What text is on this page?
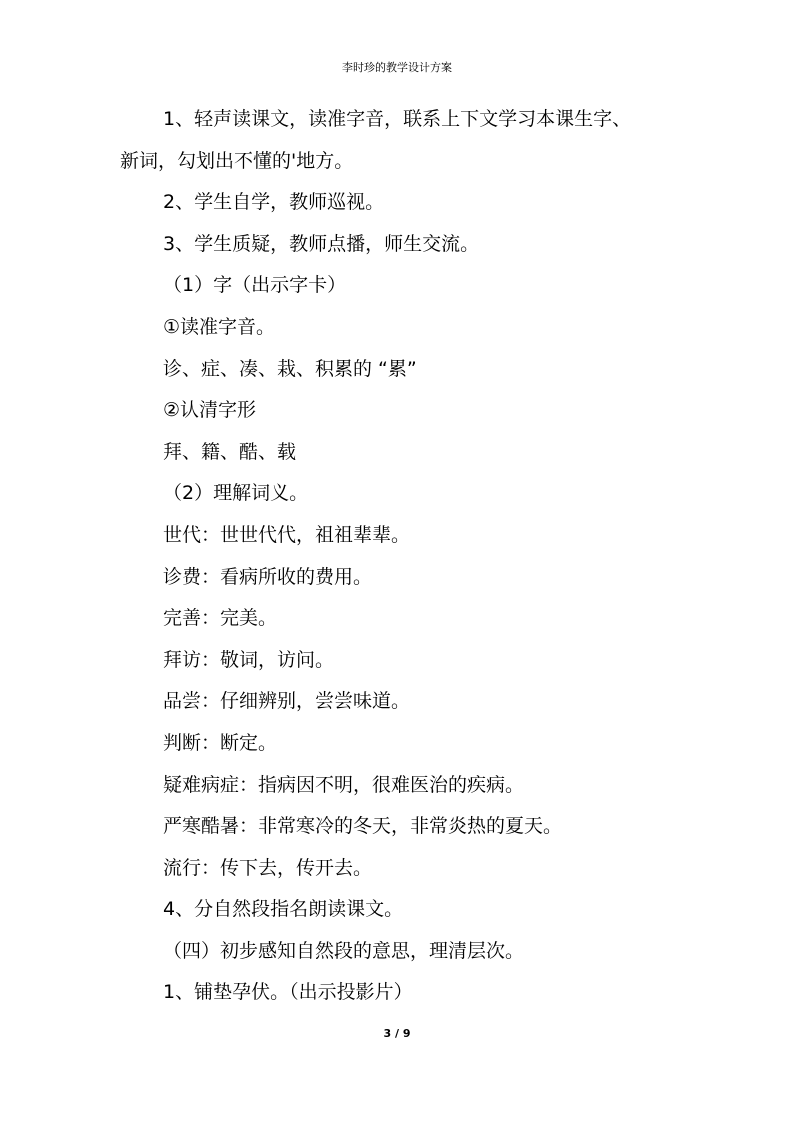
李时珍的教学设计方案
1、轻声读课文，读准字音，联系上下文学习本课生字、
新词，勾划出不懂的'地方。
2、学生自学，教师巡视。
3、学生质疑，教师点播，师生交流。
（1）字（出示字卡）
①读准字音。
诊、症、凑、栽、积累的 “累”
②认清字形
拜、籍、酷、载
（2）理解词义。
世代：世世代代，祖祖辈辈。
诊费：看病所收的费用。
完善：完美。
拜访：敬词，访问。
品尝：仔细辨别，尝尝味道。
判断：断定。
疑难病症：指病因不明，很难医治的疾病。
严寒酷暑：非常寒冷的冬天，非常炎热的夏天。
流行：传下去，传开去。
4、分自然段指名朗读课文。
（四）初步感知自然段的意思，理清层次。
1、铺垫孕伏。（出示投影片）
3 / 9
